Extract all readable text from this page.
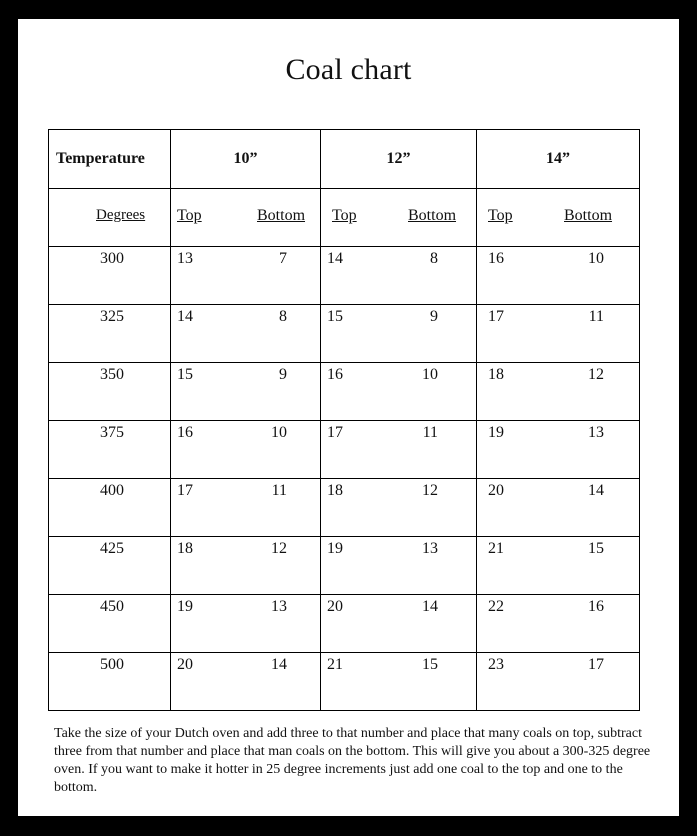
Coal chart
Temperature	10”	12”	14”

Degrees	Top Bottom	Top Bottom	Top Bottom

300	13 7	14 8	16 10

325	14 8	15 9	17 11

350	15 9	16 10	18 12

375	16 10	17 11	19 13

400	17 11	18 12	20 14

425	18 12	19 13	21 15

450	19 13	20 14	22 16

500	20 14	21 15	23 17
Take the size of your Dutch oven and add three to that number and place that many coals on top, subtract three from that number and place that man coals on the bottom. This will give you about a 300-325 degree oven. If you want to make it hotter in 25 degree increments just add one coal to the top and one to the bottom.
